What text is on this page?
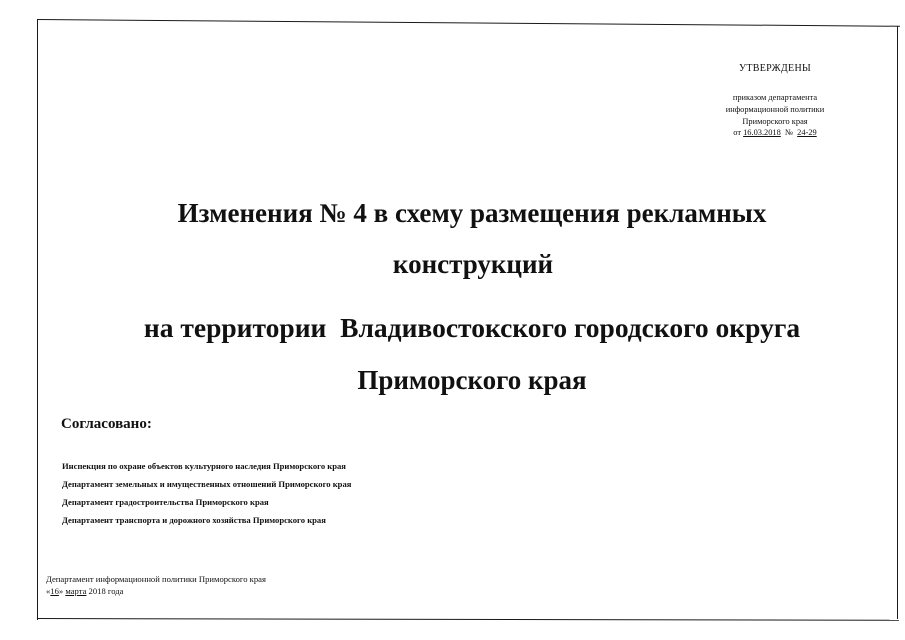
УТВЕРЖДЕНЫ
приказом департамента
информационной политики
Приморского края
от 16.03.2018  №  24-29
Изменения № 4 в схему размещения рекламных
конструкций
на территории  Владивостокского городского округа
Приморского края
Согласовано:
Инспекция по охране объектов культурного наследия Приморского края
Департамент земельных и имущественных отношений Приморского края
Департамент градостроительства Приморского края
Департамент транспорта и дорожного хозяйства Приморского края
Департамент информационной политики Приморского края
«16» марта 2018 года
